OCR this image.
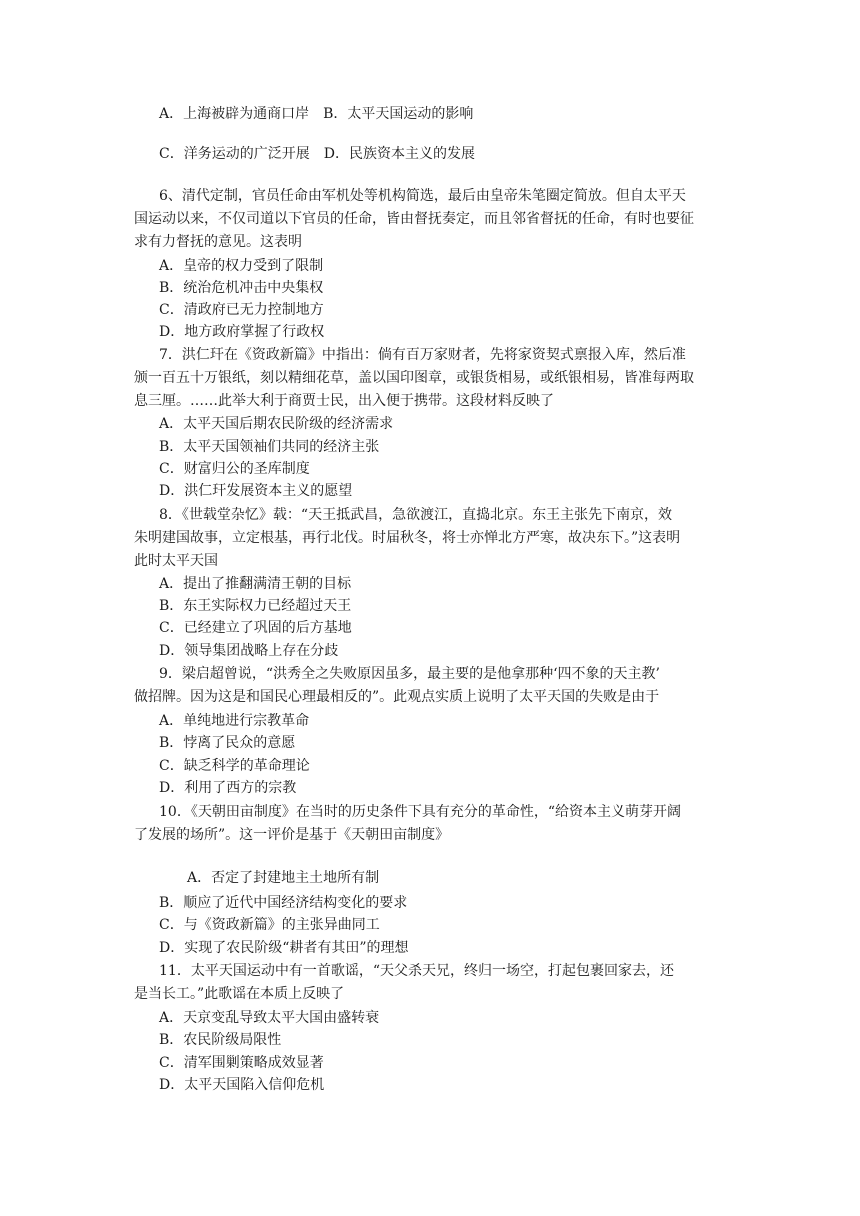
A．上海被辟为通商口岸 B．太平天国运动的影响
C．洋务运动的广泛开展 D．民族资本主义的发展
6、清代定制，官员任命由军机处等机构简选，最后由皇帝朱笔圈定简放。但自太平天
国运动以来，不仅司道以下官员的任命，皆由督抚奏定，而且邻省督抚的任命，有时也要征
求有力督抚的意见。这表明
A．皇帝的权力受到了限制
B．统治危机冲击中央集权
C．清政府已无力控制地方
D．地方政府掌握了行政权
7．洪仁玕在《资政新篇》中指出：倘有百万家财者，先将家资契式禀报入库，然后准
颁一百五十万银纸，刻以精细花草，盖以国印图章，或银货相易，或纸银相易，皆准每两取
息三厘。……此举大利于商贾士民，出入便于携带。这段材料反映了
A．太平天国后期农民阶级的经济需求
B．太平天国领袖们共同的经济主张
C．财富归公的圣库制度
D．洪仁玕发展资本主义的愿望
8．《世载堂杂忆》载：“天王抵武昌，急欲渡江，直捣北京。东王主张先下南京，效
朱明建国故事，立定根基，再行北伐。时届秋冬，将士亦惮北方严寒，故决东下。”这表明
此时太平天国
A．提出了推翻满清王朝的目标
B．东王实际权力已经超过天王
C．已经建立了巩固的后方基地
D．领导集团战略上存在分歧
9．梁启超曾说，“洪秀全之失败原因虽多，最主要的是他拿那种‘四不象的天主教’
做招牌。因为这是和国民心理最相反的”。此观点实质上说明了太平天国的失败是由于
A．单纯地进行宗教革命
B．悖离了民众的意愿
C．缺乏科学的革命理论
D．利用了西方的宗教
10．《天朝田亩制度》在当时的历史条件下具有充分的革命性，“给资本主义萌芽开阔
了发展的场所”。这一评价是基于《天朝田亩制度》
A．否定了封建地主土地所有制
B．顺应了近代中国经济结构变化的要求
C．与《资政新篇》的主张异曲同工
D．实现了农民阶级“耕者有其田”的理想
11．太平天国运动中有一首歌谣，“天父杀天兄，终归一场空，打起包裹回家去，还
是当长工。”此歌谣在本质上反映了
A．天京变乱导致太平大国由盛转衰
B．农民阶级局限性
C．清军围剿策略成效显著
D．太平天国陷入信仰危机
